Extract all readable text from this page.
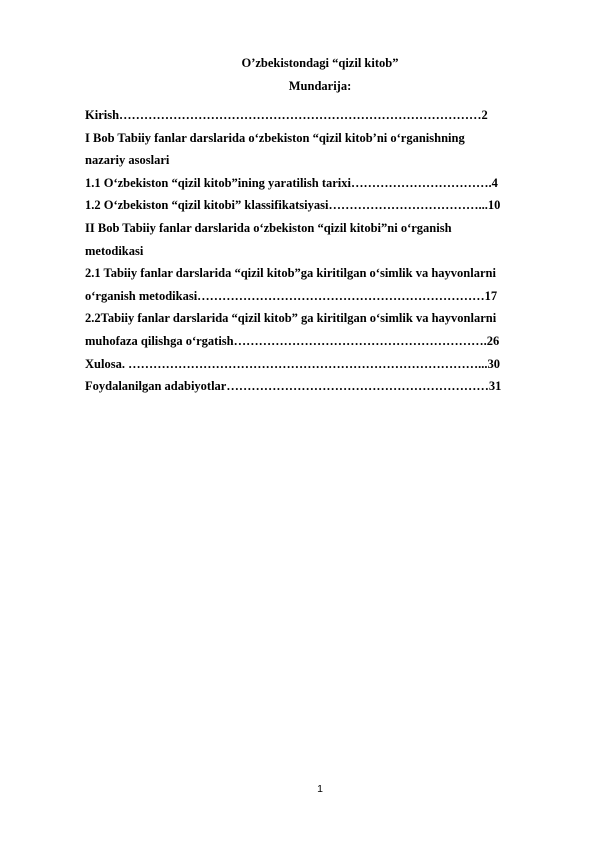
O’zbekistondagi “qizil kitob”
Mundarija:
Kirish……………………………………………………………………………2
I Bob Tabiiy fanlar darslarida o‘zbekiston “qizil kitob’ni o‘rganishning
nazariy asoslari
1.1 O‘zbekiston “qizil kitob”ining yaratilish tarixi…………………………….4
1.2 O‘zbekiston “qizil kitobi” klassifikatsiyasi………………………………...10
II Bob Tabiiy fanlar darslarida o‘zbekiston “qizil kitobi”ni o‘rganish
metodikasi
2.1 Tabiiy fanlar darslarida “qizil kitob”ga kiritilgan o‘simlik va hayvonlarni
o‘rganish metodikasi……………………………………………………………17
2.2Tabiiy fanlar darslarida “qizil kitob” ga kiritilgan o‘simlik va hayvonlarni
muhofaza qilishga o‘rgatish…………………………………………………….26
Xulosa. …………………………………………………………………………...30
Foydalanilgan adabiyotlar………………………………………………………31
1
